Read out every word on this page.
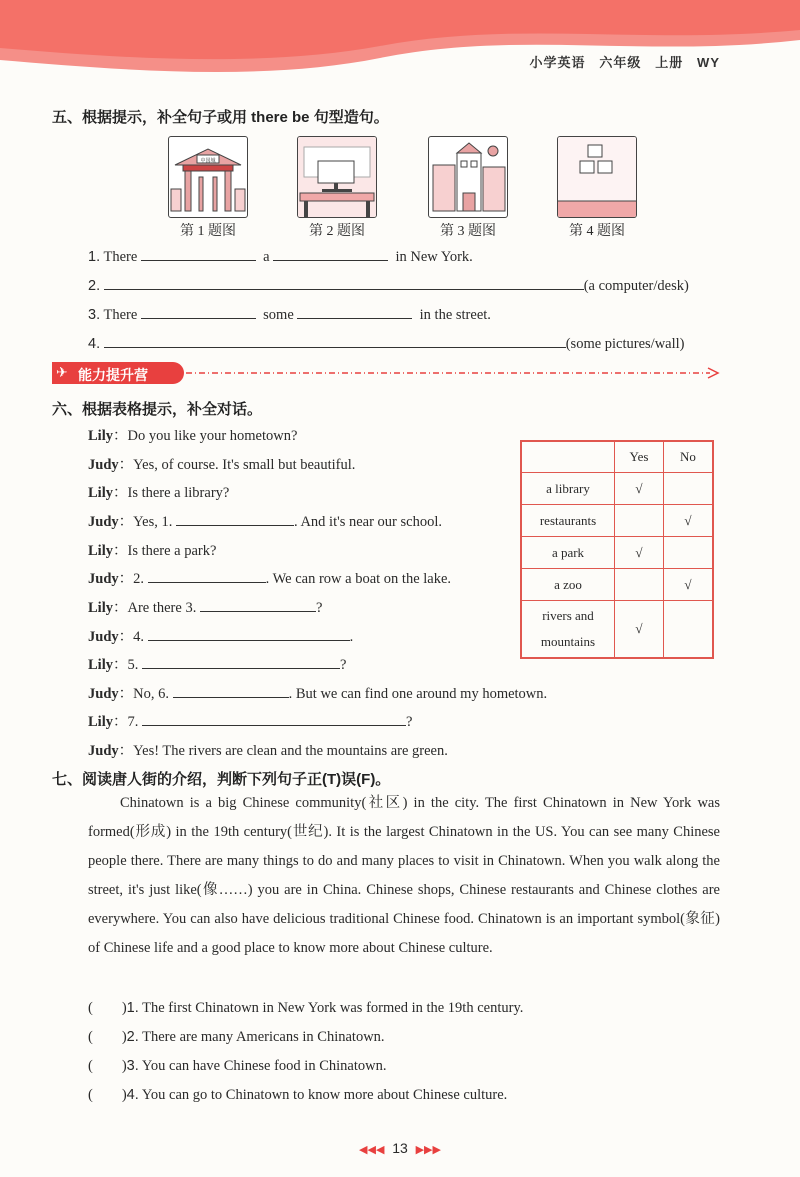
小学英语 六年级 上册 WY
五、根据提示，补全句子或用 there be 句型造句。
中国城
第 1 题图	第 2 题图	第 3 题图	第 4 题图
1. There	a	in New York.
2.	(a computer/desk)
3. There	some	in the street.
4.	(some pictures/wall)
✈ 能力提升营
六、根据表格提示，补全对话。
Lily：Do you like your hometown?
Judy：Yes, of course. It's small but beautiful.
Lily：Is there a library?
Judy：Yes, 1.	. And it's near our school.
Lily：Is there a park?
Judy：2.	. We can row a boat on the lake.
Lily：Are there 3.	?
Judy：4.	.
Lily：5.	?
Judy：No, 6.	. But we can find one around my hometown.
Lily：7.	?
Judy：Yes! The rivers are clean and the mountains are green.
	Yes	No
a library	√	
restaurants		√
a park	√	
a zoo		√
rivers and mountains	√	
七、阅读唐人街的介绍，判断下列句子正(T)误(F)。
Chinatown is a big Chinese community(社区) in the city. The first Chinatown in New York was formed(形成) in the 19th century(世纪). It is the largest Chinatown in the US. You can see many Chinese people there. There are many things to do and many places to visit in Chinatown. When you walk along the street, it's just like(像……) you are in China. Chinese shops, Chinese restaurants and Chinese clothes are everywhere. You can also have delicious traditional Chinese food. Chinatown is an important symbol(象征) of Chinese life and a good place to know more about Chinese culture.
(　　)1. The first Chinatown in New York was formed in the 19th century.
(　　)2. There are many Americans in Chinatown.
(　　)3. You can have Chinese food in Chinatown.
(　　)4. You can go to Chinatown to know more about Chinese culture.
◀◀◀ 13 ▶▶▶
